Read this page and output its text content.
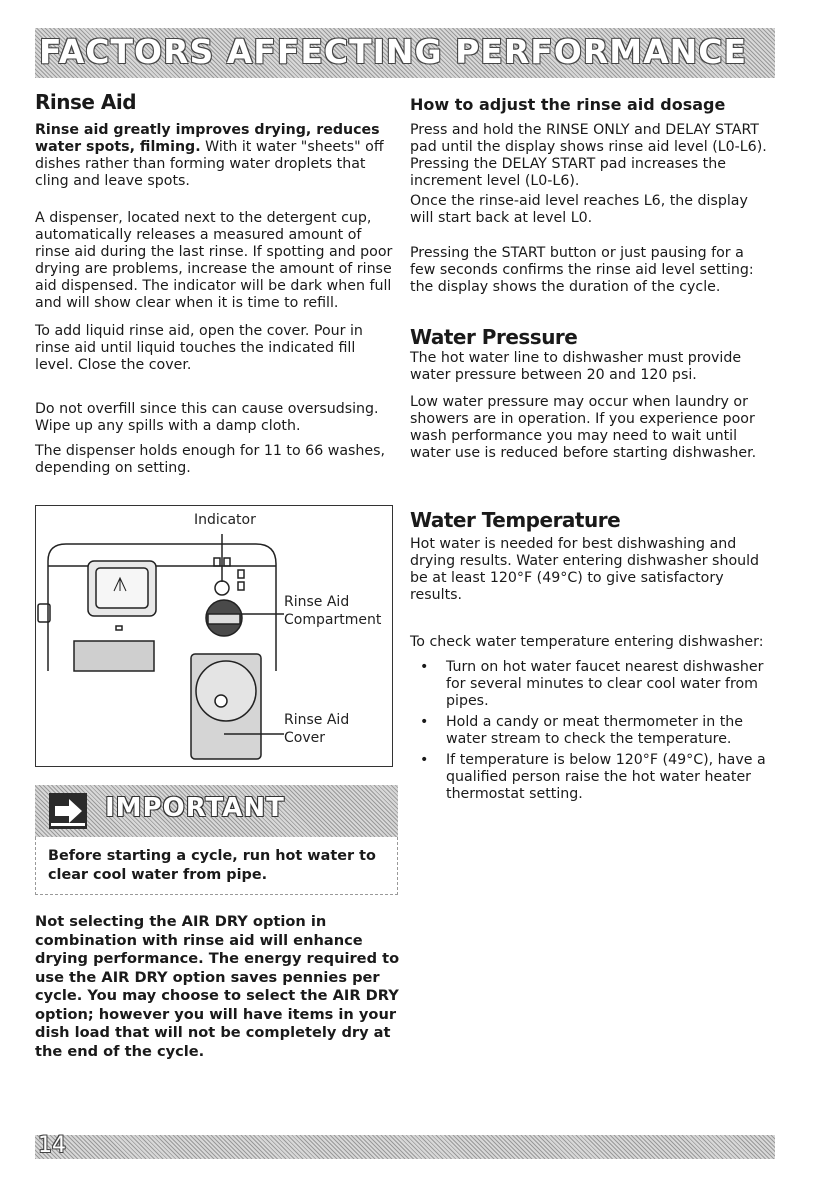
FACTORS AFFECTING PERFORMANCE
Rinse Aid

Rinse aid greatly improves drying, reduces water spots, filming. With it water "sheets" off dishes rather than forming water droplets that cling and leave spots.

A dispenser, located next to the detergent cup, automatically releases a measured amount of rinse aid during the last rinse. If spotting and poor drying are problems, increase the amount of rinse aid dispensed. The indicator will be dark when full and will show clear when it is time to refill.

To add liquid rinse aid, open the cover. Pour in rinse aid until liquid touches the indicated fill level. Close the cover.

Do not overfill since this can cause oversudsing. Wipe up any spills with a damp cloth.

The dispenser holds enough for 11 to 66 washes, depending on setting.

Indicator
Rinse Aid
Compartment
Rinse Aid
Cover
IMPORTANT

Before starting a cycle, run hot water to clear cool water from pipe.

Not selecting the AIR DRY option in combination with rinse aid will enhance drying performance. The energy required to use the AIR DRY option saves pennies per cycle. You may choose to select the AIR DRY option; however you will have items in your dish load that will not be completely dry at the end of the cycle.

How to adjust the rinse aid dosage

Press and hold the RINSE ONLY and DELAY START pad until the display shows rinse aid level (L0-L6). Pressing the DELAY START pad increases the increment level (L0-L6).

Once the rinse-aid level reaches L6, the display will start back at level L0.

Pressing the START button or just pausing for a few seconds confirms the rinse aid level setting: the display shows the duration of the cycle.

Water Pressure

The hot water line to dishwasher must provide water pressure between 20 and 120 psi.

Low water pressure may occur when laundry or showers are in operation. If you experience poor wash performance you may need to wait until water use is reduced before starting dishwasher.

Water Temperature

Hot water is needed for best dishwashing and drying results. Water entering dishwasher should be at least 120°F (49°C) to give satisfactory results.

To check water temperature entering dishwasher:

• Turn on hot water faucet nearest dishwasher for several minutes to clear cool water from pipes.
• Hold a candy or meat thermometer in the water stream to check the temperature.
• If temperature is below 120°F (49°C), have a qualified person raise the hot water heater thermostat setting.
14
